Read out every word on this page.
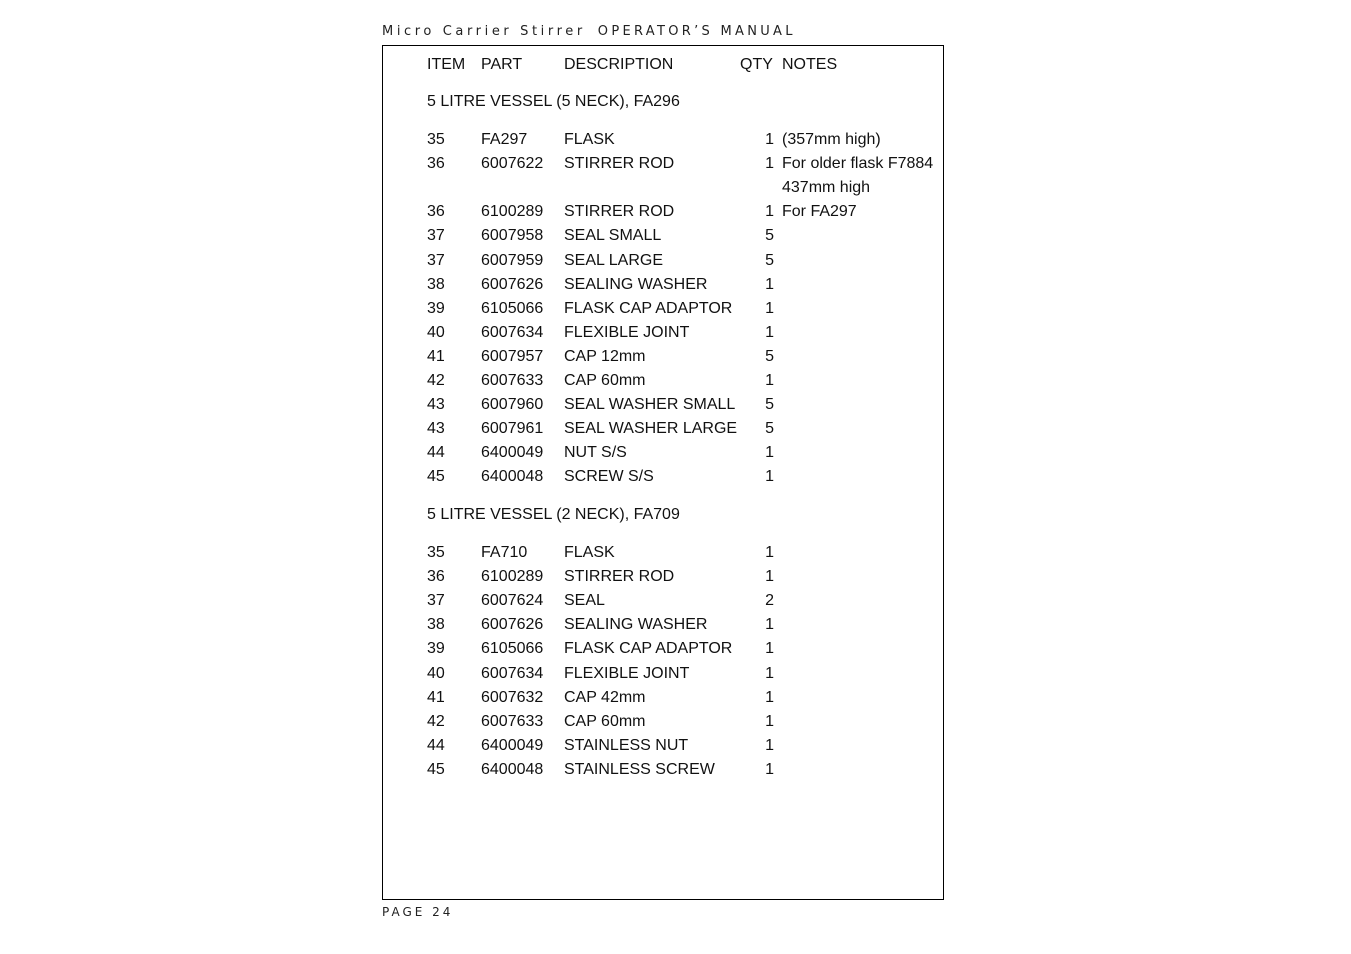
Micro Carrier Stirrer OPERATOR’S MANUAL
ITEM PART	DESCRIPTION	QTY NOTES
5 LITRE VESSEL (5 NECK), FA296
35 FA297 FLASK	1 (357mm high)
36 6007622 STIRRER ROD	1 For older flask F7884
437mm high
36 6100289 STIRRER ROD	1 For FA297
37 6007958 SEAL SMALL	5
37 6007959 SEAL LARGE	5
38 6007626 SEALING WASHER	1
39 6105066 FLASK CAP ADAPTOR	1
40 6007634 FLEXIBLE JOINT	1
41 6007957 CAP 12mm	5
42 6007633 CAP 60mm	1
43 6007960 SEAL WASHER SMALL	5
43 6007961 SEAL WASHER LARGE	5
44 6400049 NUT S/S	1
45 6400048 SCREW S/S	1
5 LITRE VESSEL (2 NECK), FA709
35 FA710 FLASK	1
36 6100289 STIRRER ROD	1
37 6007624 SEAL	2
38 6007626 SEALING WASHER	1
39 6105066 FLASK CAP ADAPTOR	1
40 6007634 FLEXIBLE JOINT	1
41 6007632 CAP 42mm	1
42 6007633 CAP 60mm	1
44 6400049 STAINLESS NUT	1
45 6400048 STAINLESS SCREW	1
PAGE 24
